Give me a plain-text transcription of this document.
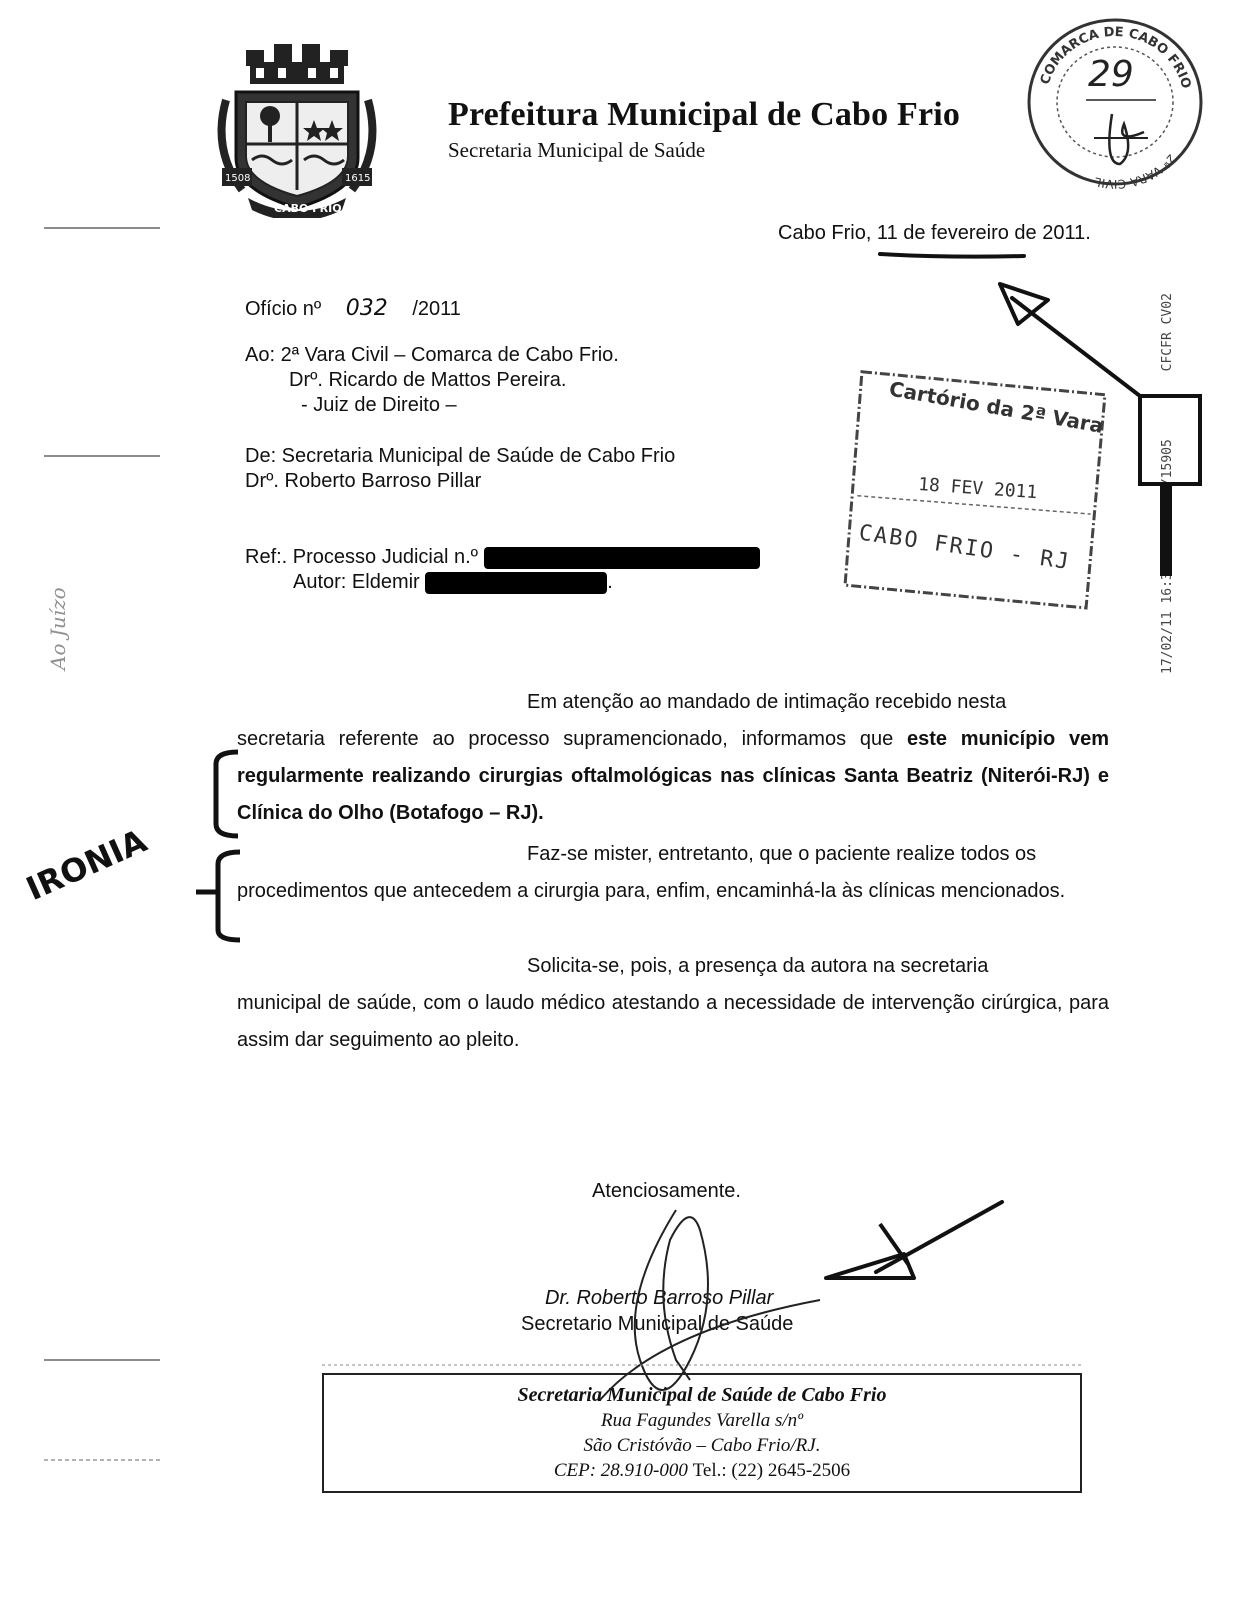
1508	1615
CABO FRIO
Prefeitura Municipal de Cabo Frio
Secretaria Municipal de Saúde
COMARCA DE CABO FRIO
2ª VARA CIVIL
29
Cabo Frio, 11 de fevereiro de 2011.
Ofício nº 032 /2011
Ao: 2ª Vara Civil – Comarca de Cabo Frio.
Drº. Ricardo de Mattos Pereira.
- Juiz de Direito –
De: Secretaria Municipal de Saúde de Cabo Frio
Drº. Roberto Barroso Pillar
Ref:. Processo Judicial n.º
Autor: Eldemir	.
Cartório da 2ª Vara
18 FEV 2011
CABO FRIO - RJ	17/02/11 16:30 562646 01/15905 CFCFR CV02
Em atenção ao mandado de intimação recebido nesta
secretaria referente ao processo supramencionado, informamos que este município vem regularmente realizando cirurgias oftalmológicas nas clínicas Santa Beatriz (Niterói-RJ) e Clínica do Olho (Botafogo – RJ).
Faz-se mister, entretanto, que o paciente realize todos os
procedimentos que antecedem a cirurgia para, enfim, encaminhá-la às clínicas mencionados.
Solicita-se, pois, a presença da autora na secretaria
municipal de saúde, com o laudo médico atestando a necessidade de intervenção cirúrgica, para assim dar seguimento ao pleito.
Atenciosamente.
Dr. Roberto Barroso Pillar
Secretario Municipal de Saúde
Secretaria Municipal de Saúde de Cabo Frio
Rua Fagundes Varella s/nº
São Cristóvão – Cabo Frio/RJ.
CEP: 28.910-000 Tel.: (22) 2645-2506
IRONIA
Ao Juízo
